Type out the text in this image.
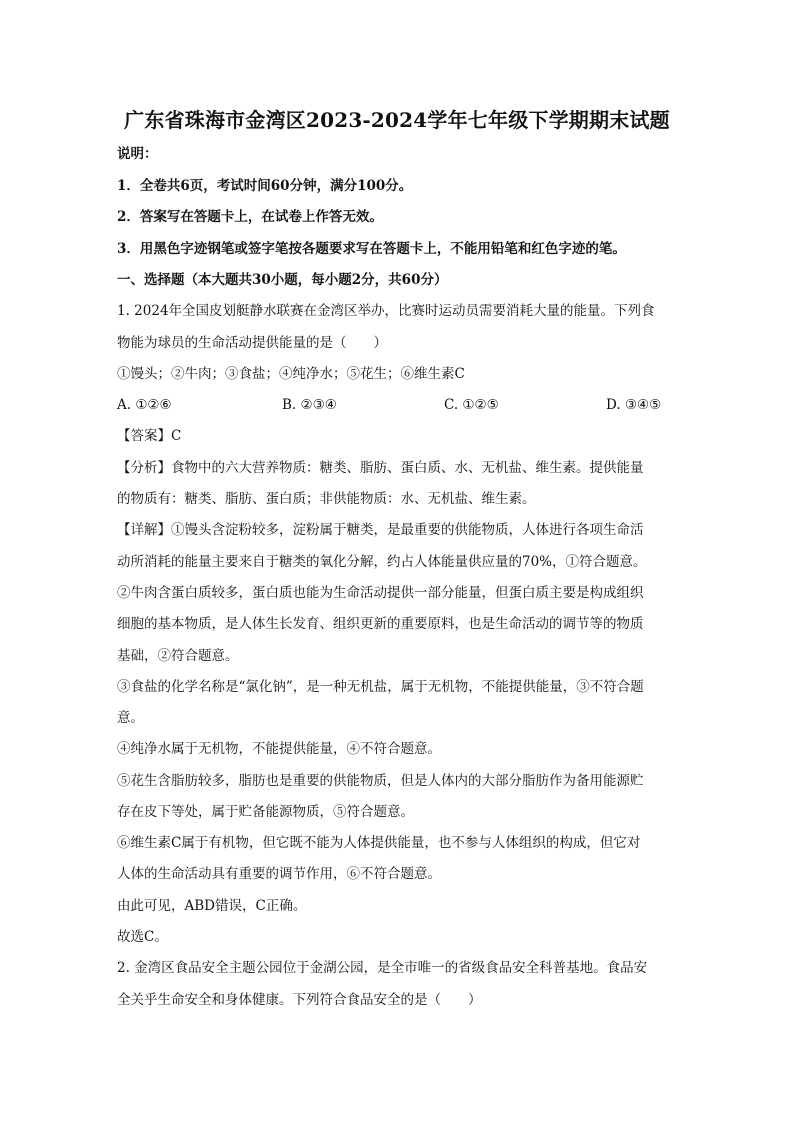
广东省珠海市金湾区2023-2024学年七年级下学期期末试题
说明：
1．全卷共6页，考试时间60分钟，满分100分。
2．答案写在答题卡上，在试卷上作答无效。
3．用黑色字迹钢笔或签字笔按各题要求写在答题卡上，不能用铅笔和红色字迹的笔。
一、选择题（本大题共30小题，每小题2分，共60分）
1. 2024年全国皮划艇静水联赛在金湾区举办，比赛时运动员需要消耗大量的能量。下列食
物能为球员的生命活动提供能量的是（　　）
①馒头；②牛肉；③食盐；④纯净水；⑤花生；⑥维生素C
A. ①②⑥	B. ②③④	C. ①②⑤	D. ③④⑤
【答案】C
【分析】食物中的六大营养物质：糖类、脂肪、蛋白质、水、无机盐、维生素。提供能量
的物质有：糖类、脂肪、蛋白质；非供能物质：水、无机盐、维生素。
【详解】①馒头含淀粉较多，淀粉属于糖类，是最重要的供能物质，人体进行各项生命活
动所消耗的能量主要来自于糖类的氧化分解，约占人体能量供应量的70%，①符合题意。
②牛肉含蛋白质较多，蛋白质也能为生命活动提供一部分能量，但蛋白质主要是构成组织
细胞的基本物质，是人体生长发育、组织更新的重要原料，也是生命活动的调节等的物质
基础，②符合题意。
③食盐的化学名称是“氯化钠”，是一种无机盐，属于无机物，不能提供能量，③不符合题
意。
④纯净水属于无机物，不能提供能量，④不符合题意。
⑤花生含脂肪较多，脂肪也是重要的供能物质，但是人体内的大部分脂肪作为备用能源贮
存在皮下等处，属于贮备能源物质，⑤符合题意。
⑥维生素C属于有机物，但它既不能为人体提供能量，也不参与人体组织的构成，但它对
人体的生命活动具有重要的调节作用，⑥不符合题意。
由此可见，ABD错误，C正确。
故选C。
2. 金湾区食品安全主题公园位于金湖公园，是全市唯一的省级食品安全科普基地。食品安
全关乎生命安全和身体健康。下列符合食品安全的是（　　）
